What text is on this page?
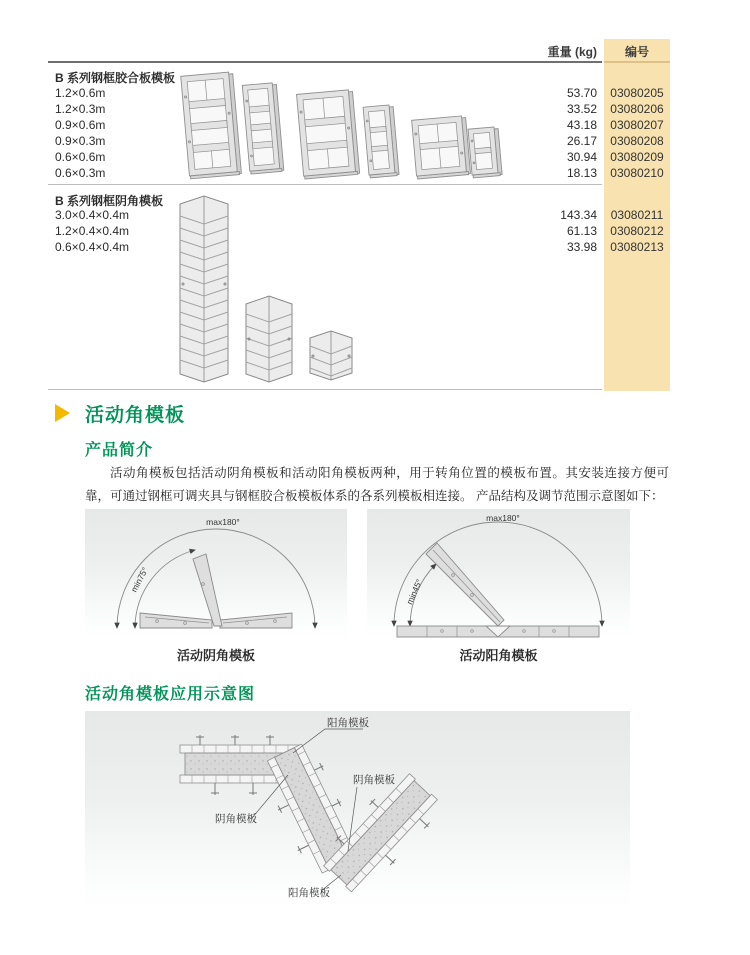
重量 (kg)	编号
B 系列钢框胶合板模板
1.2×0.6m	53.70	03080205
1.2×0.3m	33.52	03080206
0.9×0.6m	43.18	03080207
0.9×0.3m	26.17	03080208
0.6×0.6m	30.94	03080209
0.6×0.3m	18.13	03080210
B 系列钢框阴角模板
3.0×0.4×0.4m	143.34	03080211
1.2×0.4×0.4m	61.13	03080212
0.6×0.4×0.4m	33.98	03080213
活动角模板
产品简介
活动角模板包括活动阴角模板和活动阳角模板两种，用于转角位置的模板布置。其安装连接方便可靠，可通过钢框可调夹具与钢框胶合板模板体系的各系列模板相连接。 产品结构及调节范围示意图如下：
max180°
min75°
max180°
min45°
活动阴角模板	活动阳角模板
活动角模板应用示意图
阳角模板
阴角模板
阴角模板
阳角模板
